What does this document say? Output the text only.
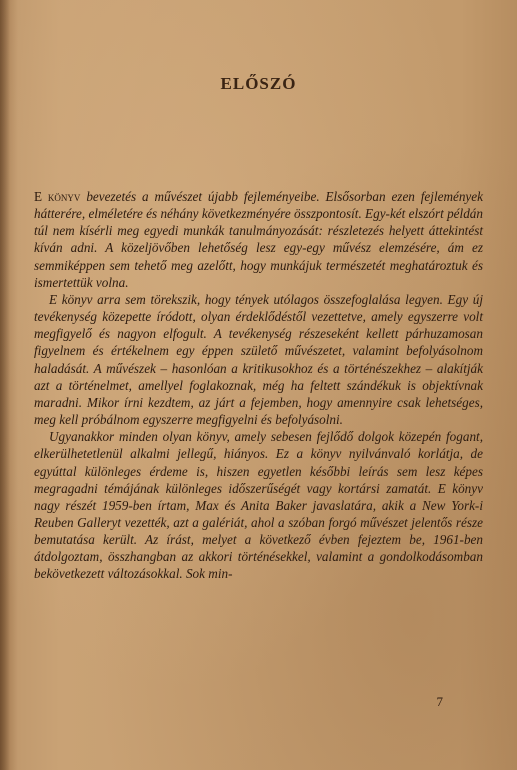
ELŐSZÓ

E könyv bevezetés a művészet újabb fejleményeibe. Elsősorban ezen fejlemények hátterére, elméletére és néhány következményére összpontosít. Egy-két elszórt példán túl nem kísérli meg egyedi munkák tanulmányozását: részletezés helyett áttekintést kíván adni. A közeljövőben lehetőség lesz egy-egy művész elemzésére, ám ez semmiképpen sem tehető meg azelőtt, hogy munkájuk természetét meghatároztuk és ismertettük volna.

E könyv arra sem törekszik, hogy tények utólagos összefoglalása legyen. Egy új tevékenység közepette íródott, olyan érdeklődéstől vezettetve, amely egyszerre volt megfigyelő és nagyon elfogult. A tevékenység részeseként kellett párhuzamosan figyelnem és értékelnem egy éppen születő művészetet, valamint befolyásolnom haladását. A művészek – hasonlóan a kritikusokhoz és a történészekhez – alakítják azt a történelmet, amellyel foglakoznak, még ha feltett szándékuk is objektívnak maradni. Mikor írni kezdtem, az járt a fejemben, hogy amennyire csak lehetséges, meg kell próbálnom egyszerre megfigyelni és befolyásolni.

Ugyanakkor minden olyan könyv, amely sebesen fejlődő dolgok közepén fogant, elkerülhetetlenül alkalmi jellegű, hiányos. Ez a könyv nyilvánvaló korlátja, de egyúttal különleges érdeme is, hiszen egyetlen későbbi leírás sem lesz képes megragadni témájának különleges időszerűségét vagy kortársi zamatát. E könyv nagy részét 1959-ben írtam, Max és Anita Baker javaslatára, akik a New York-i Reuben Galleryt vezették, azt a galériát, ahol a szóban forgó művészet jelentős része bemutatása került. Az írást, melyet a következő évben fejeztem be, 1961-ben átdolgoztam, összhangban az akkori történésekkel, valamint a gondolkodásomban bekövetkezett változásokkal. Sok min-

7
